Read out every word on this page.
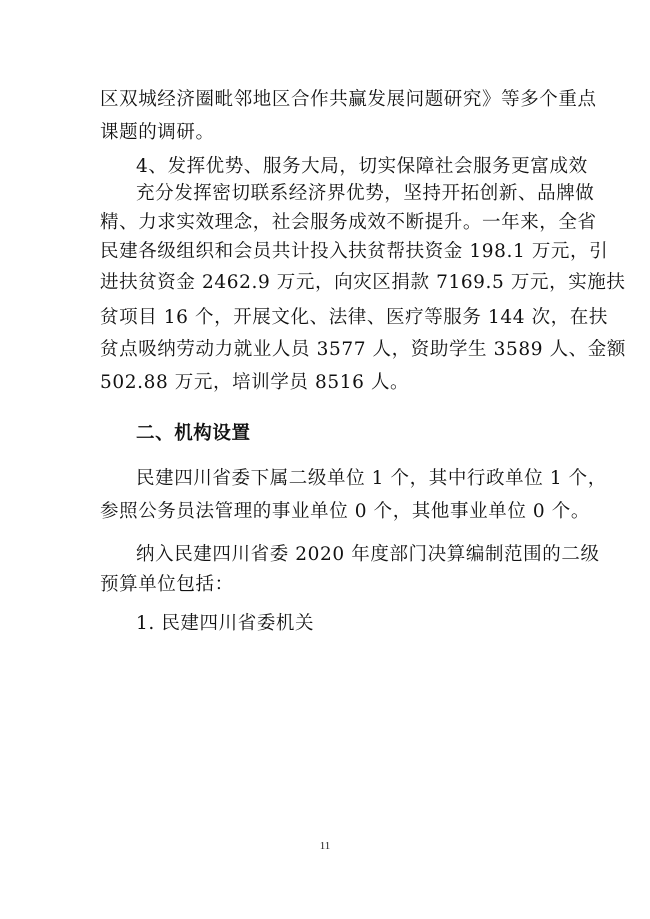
区双城经济圈毗邻地区合作共赢发展问题研究》等多个重点
课题的调研。
4、发挥优势、服务大局，切实保障社会服务更富成效
充分发挥密切联系经济界优势，坚持开拓创新、品牌做
精、力求实效理念，社会服务成效不断提升。一年来，全省
民建各级组织和会员共计投入扶贫帮扶资金 198.1 万元，引
进扶贫资金 2462.9 万元，向灾区捐款 7169.5 万元，实施扶
贫项目 16 个，开展文化、法律、医疗等服务 144 次，在扶
贫点吸纳劳动力就业人员 3577 人，资助学生 3589 人、金额
502.88 万元，培训学员 8516 人。
二、机构设置
民建四川省委下属二级单位 1 个，其中行政单位 1 个，
参照公务员法管理的事业单位 0 个，其他事业单位 0 个。
纳入民建四川省委 2020 年度部门决算编制范围的二级
预算单位包括：
1. 民建四川省委机关
11
